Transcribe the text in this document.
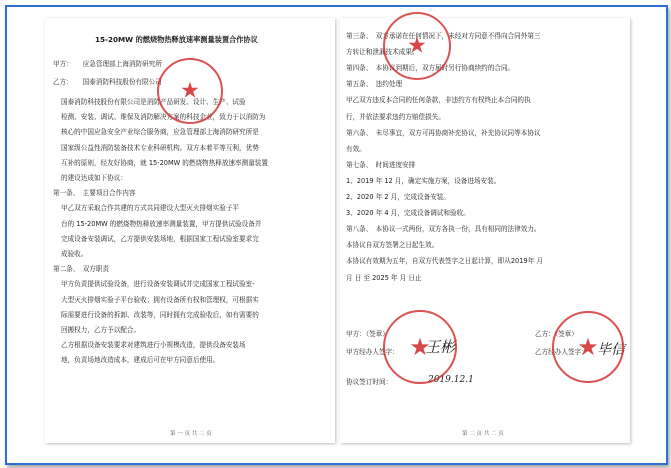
15-20MW 的燃烧物热释放速率测量装置合作协议
甲方：　　应急管理部上海消防研究所
乙方：　　国泰消防科技股份有限公司
国泰消防科技股份有限公司是消防产品研发、设计、生产、试验
检测、安装、调试、维保及消防解决方案的科技企业，致力于以消防为
核心的中国应急安全产业综合服务商，应急管理部上海消防研究所是
国家级公益性消防装备技术专业科研机构。双方本着平等互利，优势
互补的原则，经友好协商，就 15-20MW 的燃烧物热释放速率测量装置
的建设达成如下协议：
第一条、　主要项目合作内容
甲乙双方采取合作共建的方式共同建设大型灭火排烟实验子平
台的 15-20MW 的燃烧物热释放速率测量装置，甲方提供试验设备并
完成设备安装调试，乙方提供安装场地，根据国家工程试验室要求完
成验收。
第二条、　双方职责
甲方负责提供试验设备，进行设备安装调试并完成国家工程试验室-
大型灭火排烟实验子平台验收；拥有设备所有权和管理权，可根据实
际需要进行设备的拆卸、改装等，同时拥有完成验收后，如有需要的
回搬权力，乙方予以配合。
乙方根据设备安装要求对建筑进行小规模改造，提供设备安装场
地，负责场地改造成本，建成后可在甲方同意后使用。
第 一 页 共 二 页
★
第三条、　双方承诺在任何情况下，未经对方同意不得向合同外第三
方转让和泄漏技术成果。
第四条、　本协议到期后，双方届时另行协商续约的合同。
第五条、　违约处理
甲乙双方违反本合同的任何条款，非违约方有权终止本合同的执
行，并依法要求违约方赔偿损失。
第六条、　未尽事宜，双方可再协商补充协议，补充协议同等本协议
有效。
第七条、　时间进度安排
1、2019 年 12 月，确定实施方案，设备进场安装。
2、2020 年 2 月，完成设备安装。
3、2020 年 4 月，完成设备调试和验收。
第八条、　本协议一式两份，双方各执一份，具有相同的法律效力。
本协议自双方签署之日起生效。
本协议有效期为五年，自双方代表签字之日起计算，即从2019年 月
月 日 至 2025 年 月 日止
甲方：（签章）	乙方：（签章）
甲方经办人签字：	乙方经办人签字：
王彬	毕信
协议签订时间：	2019.12.1
第 二 页 共 二 页
★	★
★
